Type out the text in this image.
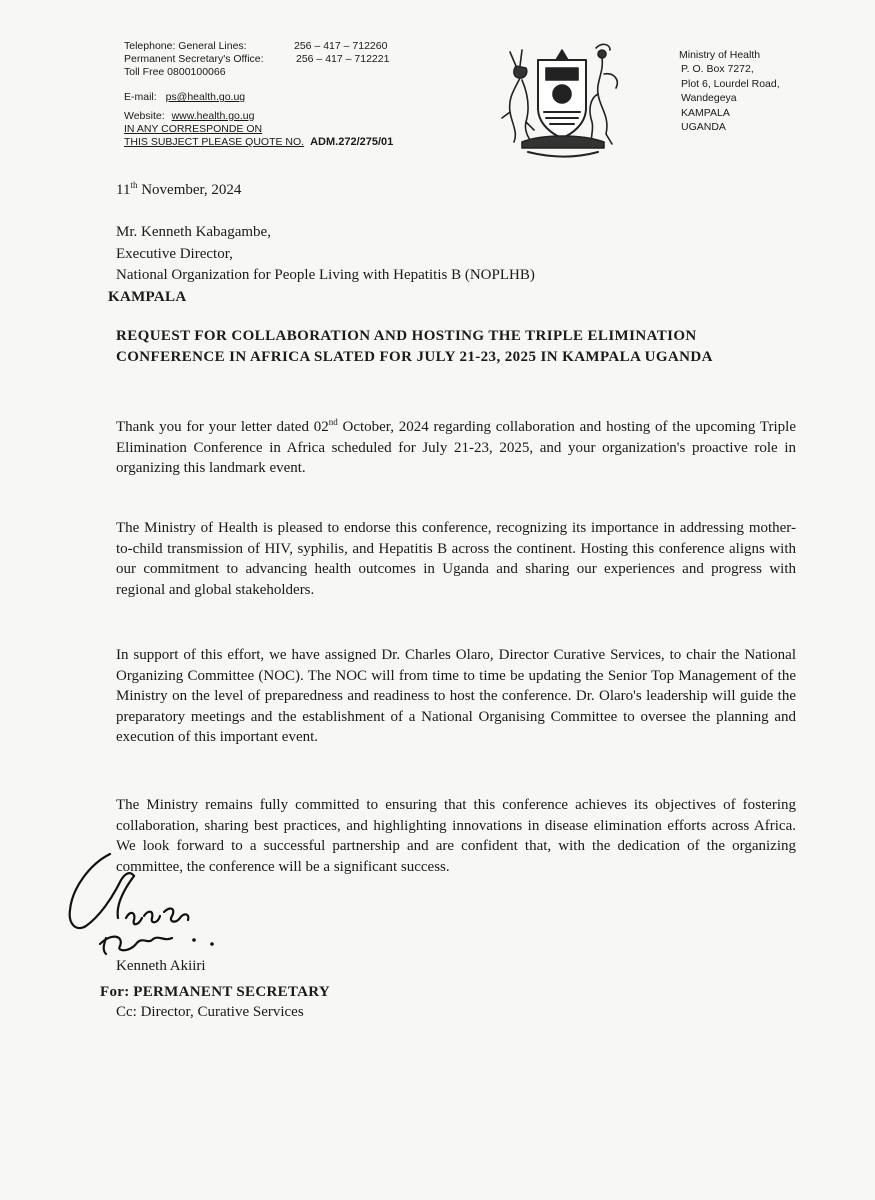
Telephone: General Lines:	256 – 417 – 712260
Permanent Secretary's Office:	256 – 417 – 712221
Toll Free 0800100066
E-mail: ps@health.go.ug
Website: www.health.go.ug
IN ANY CORRESPONDE ON
THIS SUBJECT PLEASE QUOTE NO. ADM.272/275/01
Ministry of Health
P. O. Box 7272,
Plot 6, Lourdel Road,
Wandegeya
KAMPALA
UGANDA
11th November, 2024
Mr. Kenneth Kabagambe,
Executive Director,
National Organization for People Living with Hepatitis B (NOPLHB)
KAMPALA
REQUEST FOR COLLABORATION AND HOSTING THE TRIPLE ELIMINATION CONFERENCE IN AFRICA SLATED FOR JULY 21-23, 2025 IN KAMPALA UGANDA
Thank you for your letter dated 02nd October, 2024 regarding collaboration and hosting of the upcoming Triple Elimination Conference in Africa scheduled for July 21-23, 2025, and your organization's proactive role in organizing this landmark event.
The Ministry of Health is pleased to endorse this conference, recognizing its importance in addressing mother-to-child transmission of HIV, syphilis, and Hepatitis B across the continent. Hosting this conference aligns with our commitment to advancing health outcomes in Uganda and sharing our experiences and progress with regional and global stakeholders.
In support of this effort, we have assigned Dr. Charles Olaro, Director Curative Services, to chair the National Organizing Committee (NOC). The NOC will from time to time be updating the Senior Top Management of the Ministry on the level of preparedness and readiness to host the conference. Dr. Olaro's leadership will guide the preparatory meetings and the establishment of a National Organising Committee to oversee the planning and execution of this important event.
The Ministry remains fully committed to ensuring that this conference achieves its objectives of fostering collaboration, sharing best practices, and highlighting innovations in disease elimination efforts across Africa. We look forward to a successful partnership and are confident that, with the dedication of the organizing committee, the conference will be a significant success.
Kenneth Akiiri
For: PERMANENT SECRETARY
Cc: Director, Curative Services
